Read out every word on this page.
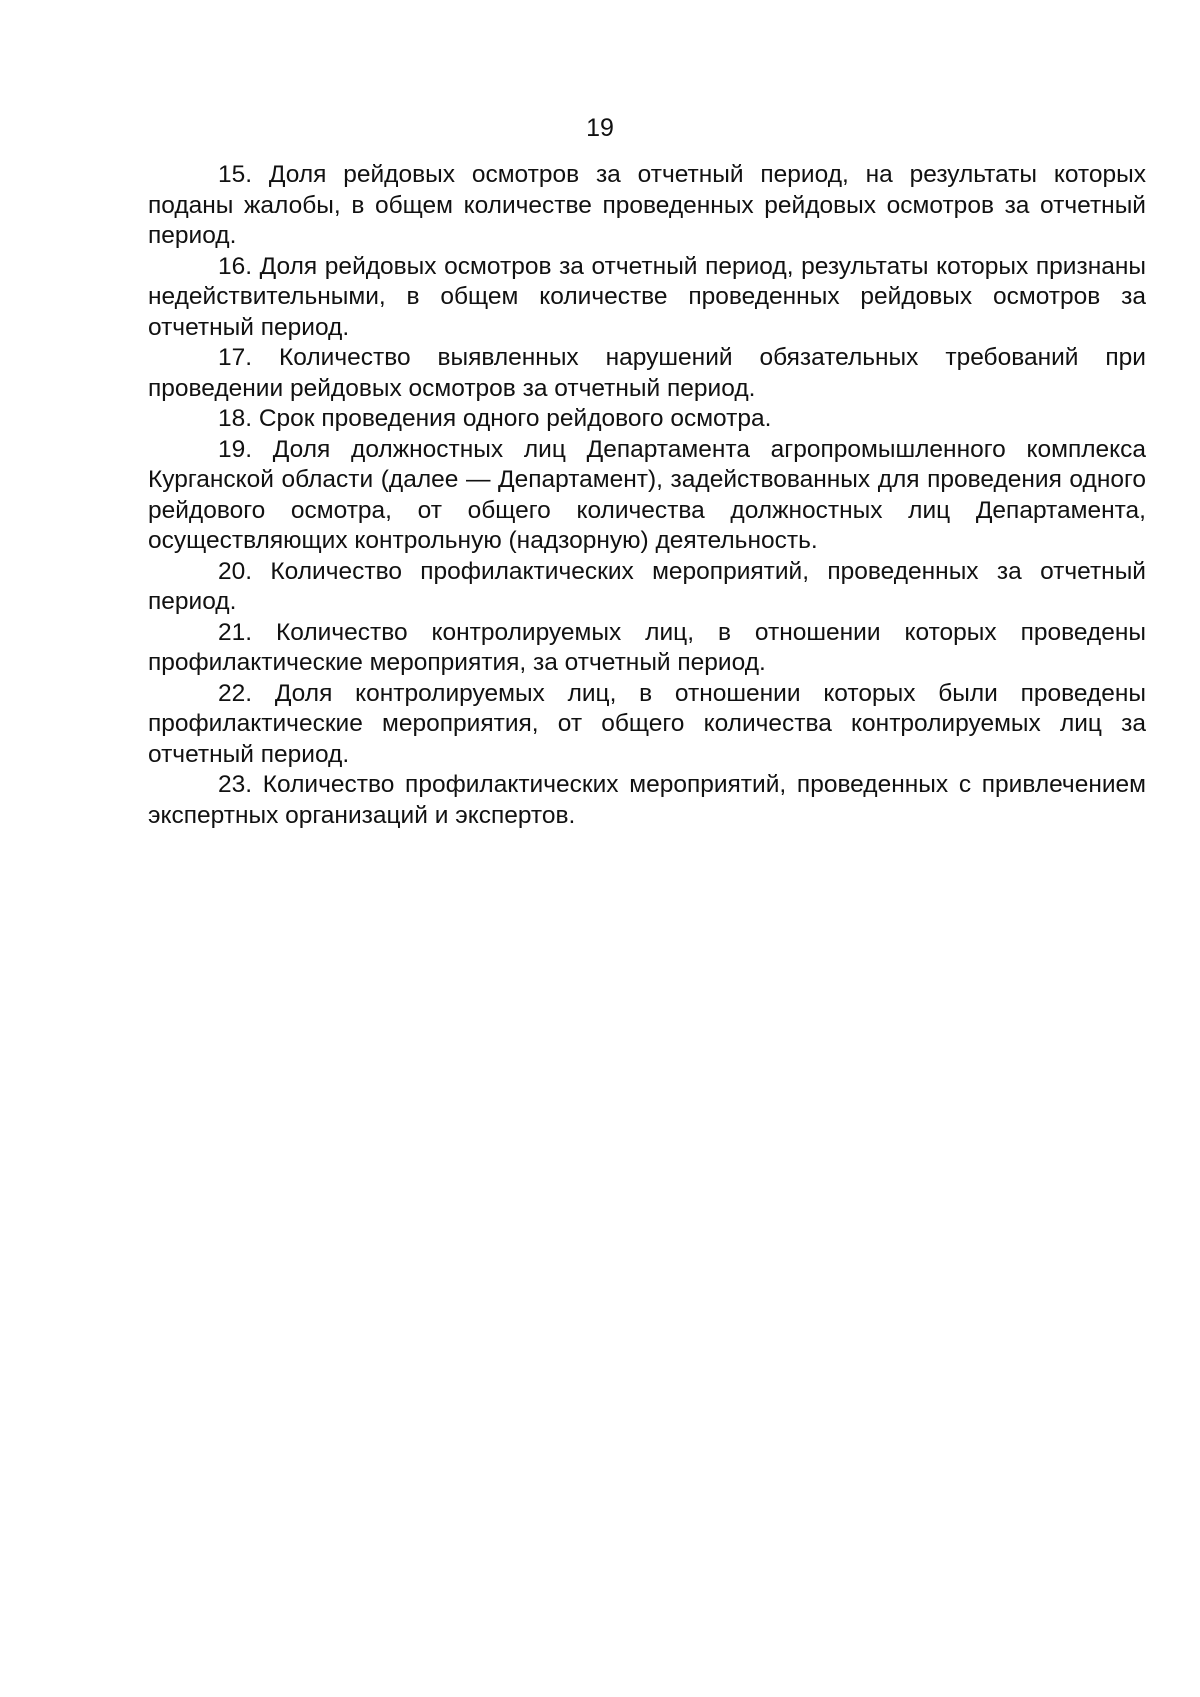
19

15. Доля рейдовых осмотров за отчетный период, на результаты которых поданы жалобы, в общем количестве проведенных рейдовых осмотров за отчетный период.

16. Доля рейдовых осмотров за отчетный период, результаты которых признаны недействительными, в общем количестве проведенных рейдовых осмотров за отчетный период.

17. Количество выявленных нарушений обязательных требований при проведении рейдовых осмотров за отчетный период.

18. Срок проведения одного рейдового осмотра.

19. Доля должностных лиц Департамента агропромышленного комплекса Курганской области (далее — Департамент), задействованных для проведения одного рейдового осмотра, от общего количества должностных лиц Департамента, осуществляющих контрольную (надзорную) деятельность.

20. Количество профилактических мероприятий, проведенных за отчетный период.

21. Количество контролируемых лиц, в отношении которых проведены профилактические мероприятия, за отчетный период.

22. Доля контролируемых лиц, в отношении которых были проведены профилактические мероприятия, от общего количества контролируемых лиц за отчетный период.

23. Количество профилактических мероприятий, проведенных с привлечением экспертных организаций и экспертов.
